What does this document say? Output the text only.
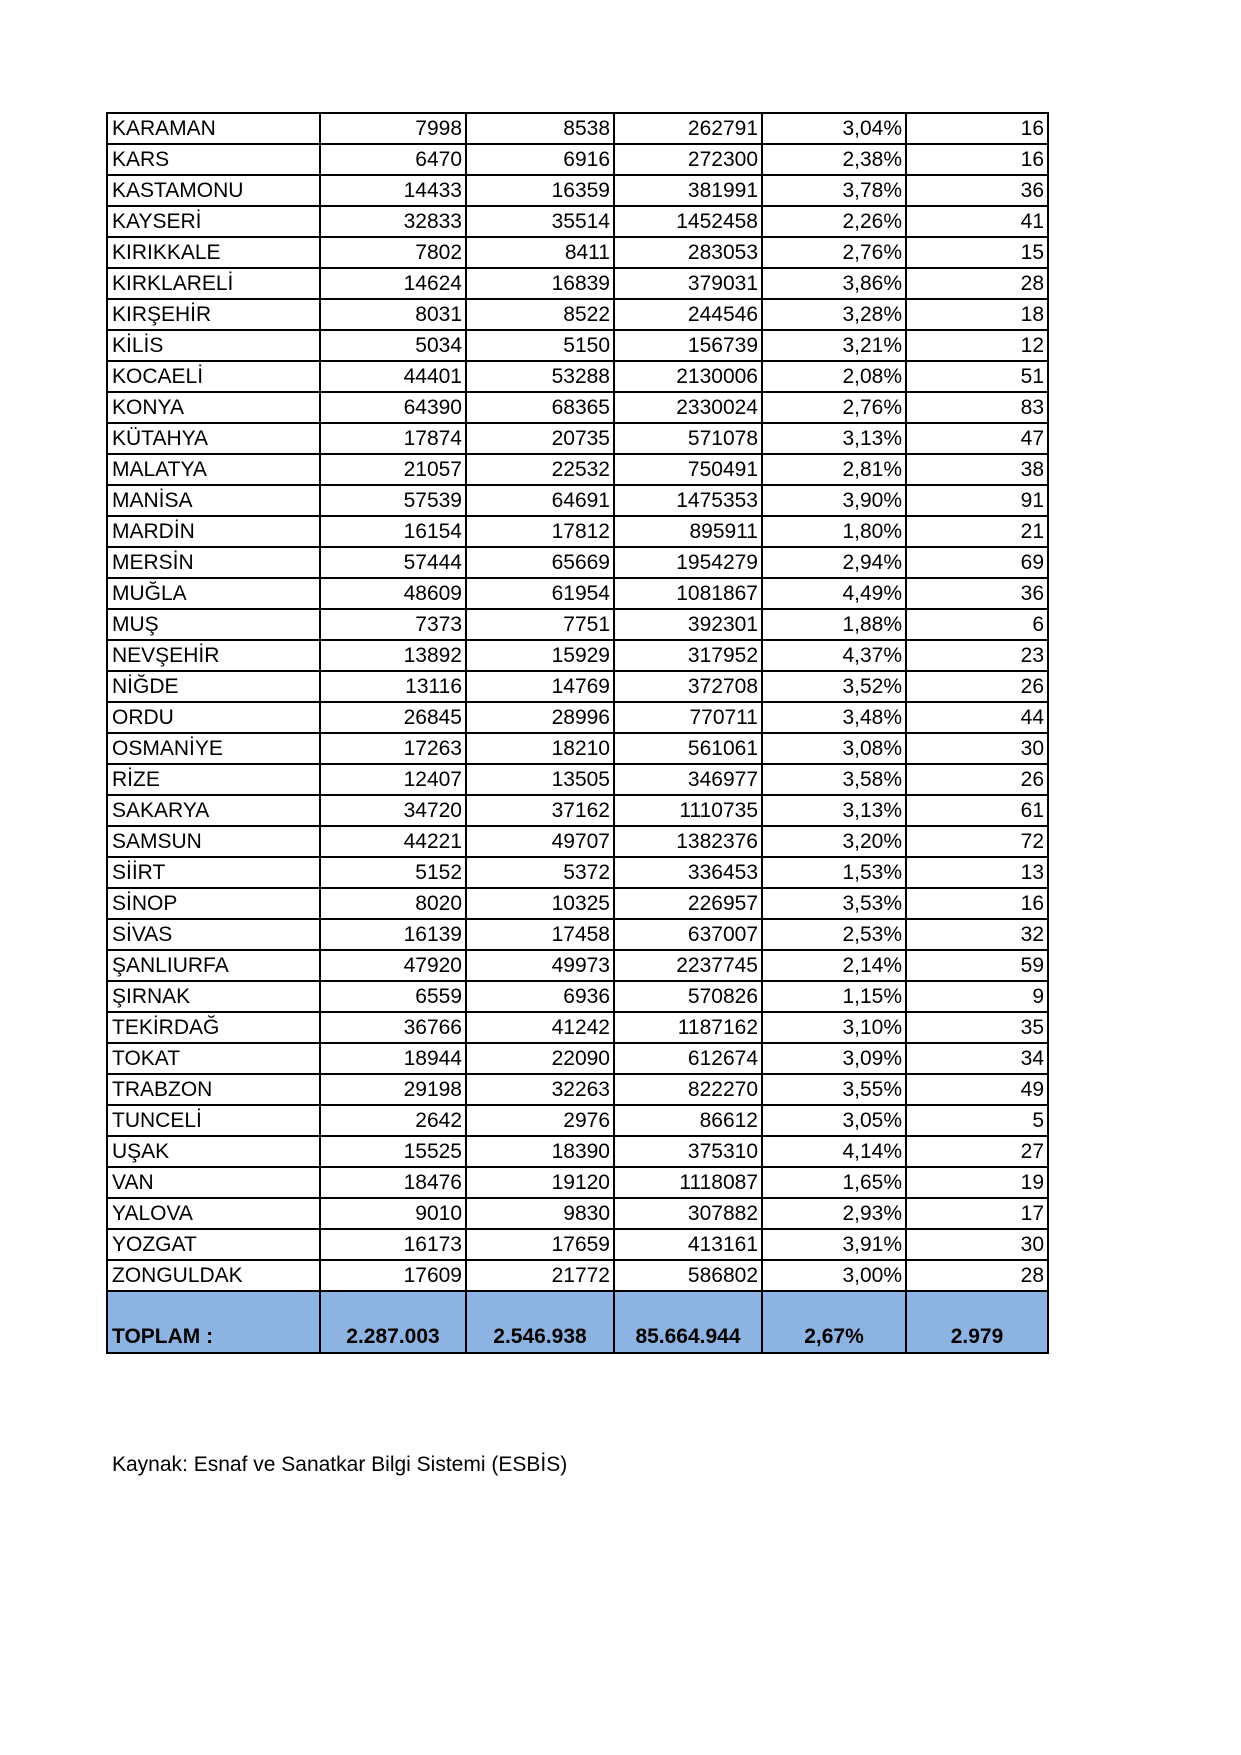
KARAMAN	7998	8538	262791	3,04%	16
KARS	6470	6916	272300	2,38%	16
KASTAMONU	14433	16359	381991	3,78%	36
KAYSERİ	32833	35514	1452458	2,26%	41
KIRIKKALE	7802	8411	283053	2,76%	15
KIRKLARELİ	14624	16839	379031	3,86%	28
KIRŞEHİR	8031	8522	244546	3,28%	18
KİLİS	5034	5150	156739	3,21%	12
KOCAELİ	44401	53288	2130006	2,08%	51
KONYA	64390	68365	2330024	2,76%	83
KÜTAHYA	17874	20735	571078	3,13%	47
MALATYA	21057	22532	750491	2,81%	38
MANİSA	57539	64691	1475353	3,90%	91
MARDİN	16154	17812	895911	1,80%	21
MERSİN	57444	65669	1954279	2,94%	69
MUĞLA	48609	61954	1081867	4,49%	36
MUŞ	7373	7751	392301	1,88%	6
NEVŞEHİR	13892	15929	317952	4,37%	23
NİĞDE	13116	14769	372708	3,52%	26
ORDU	26845	28996	770711	3,48%	44
OSMANİYE	17263	18210	561061	3,08%	30
RİZE	12407	13505	346977	3,58%	26
SAKARYA	34720	37162	1110735	3,13%	61
SAMSUN	44221	49707	1382376	3,20%	72
SİİRT	5152	5372	336453	1,53%	13
SİNOP	8020	10325	226957	3,53%	16
SİVAS	16139	17458	637007	2,53%	32
ŞANLIURFA	47920	49973	2237745	2,14%	59
ŞIRNAK	6559	6936	570826	1,15%	9
TEKİRDAĞ	36766	41242	1187162	3,10%	35
TOKAT	18944	22090	612674	3,09%	34
TRABZON	29198	32263	822270	3,55%	49
TUNCELİ	2642	2976	86612	3,05%	5
UŞAK	15525	18390	375310	4,14%	27
VAN	18476	19120	1118087	1,65%	19
YALOVA	9010	9830	307882	2,93%	17
YOZGAT	16173	17659	413161	3,91%	30
ZONGULDAK	17609	21772	586802	3,00%	28
TOPLAM :	2.287.003	2.546.938	85.664.944	2,67%	2.979
Kaynak: Esnaf ve Sanatkar Bilgi Sistemi (ESBİS)
